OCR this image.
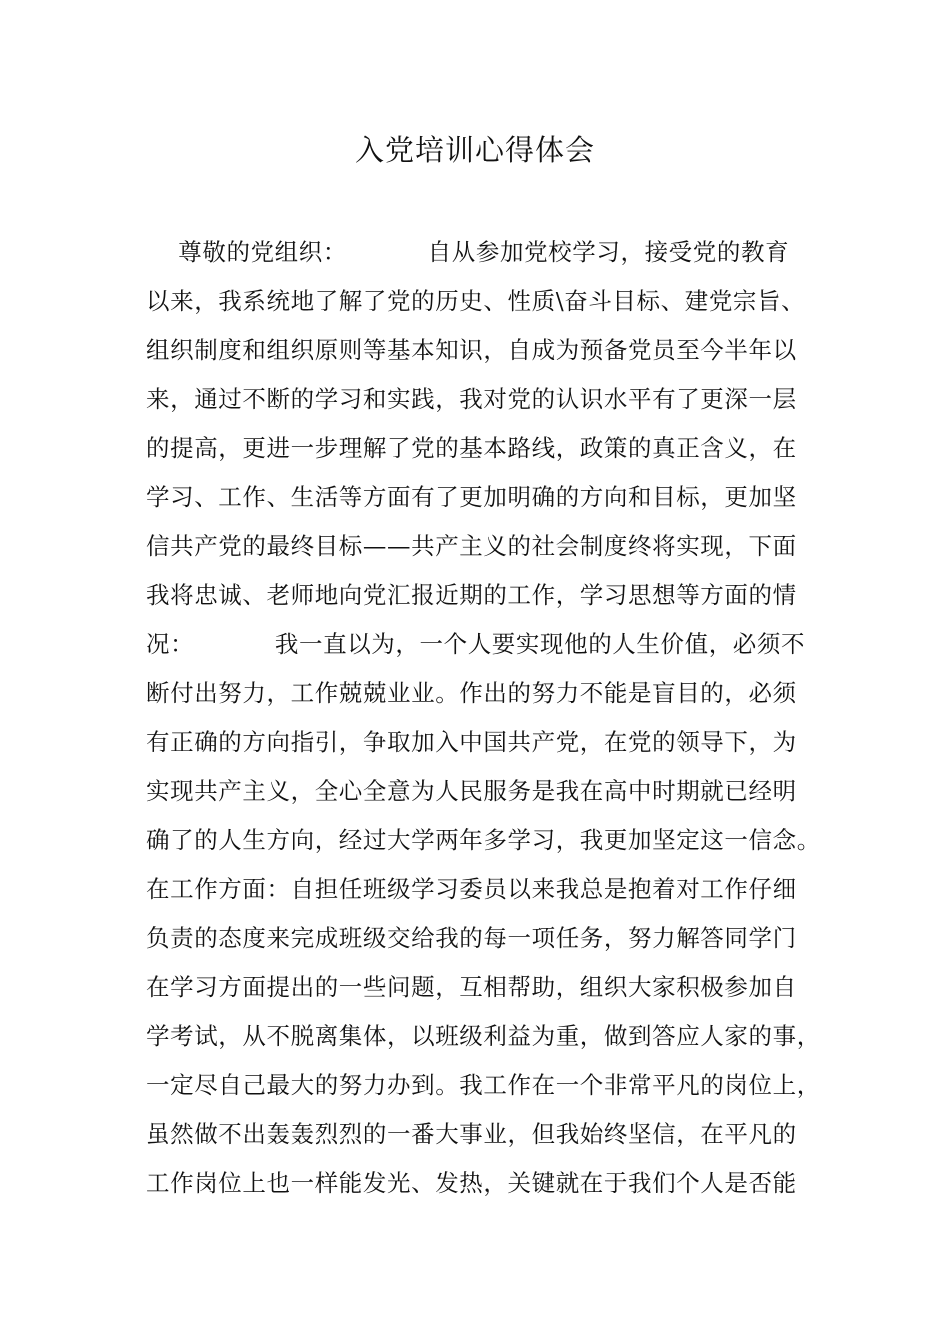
入党培训心得体会
尊敬的党组织：          自从参加党校学习，接受党的教育
以来，我系统地了解了党的历史、性质\奋斗目标、建党宗旨、
组织制度和组织原则等基本知识，自成为预备党员至今半年以
来，通过不断的学习和实践，我对党的认识水平有了更深一层
的提高，更进一步理解了党的基本路线，政策的真正含义，在
学习、工作、生活等方面有了更加明确的方向和目标，更加坚
信共产党的最终目标——共产主义的社会制度终将实现，下面
我将忠诚、老师地向党汇报近期的工作，学习思想等方面的情
况：          我一直以为，一个人要实现他的人生价值，必须不
断付出努力，工作兢兢业业。作出的努力不能是盲目的，必须
有正确的方向指引，争取加入中国共产党，在党的领导下，为
实现共产主义，全心全意为人民服务是我在高中时期就已经明
确了的人生方向，经过大学两年多学习，我更加坚定这一信念。
在工作方面：自担任班级学习委员以来我总是抱着对工作仔细
负责的态度来完成班级交给我的每一项任务，努力解答同学门
在学习方面提出的一些问题，互相帮助，组织大家积极参加自
学考试，从不脱离集体，以班级利益为重，做到答应人家的事，
一定尽自己最大的努力办到。我工作在一个非常平凡的岗位上，
虽然做不出轰轰烈烈的一番大事业，但我始终坚信，在平凡的
工作岗位上也一样能发光、发热，关键就在于我们个人是否能
